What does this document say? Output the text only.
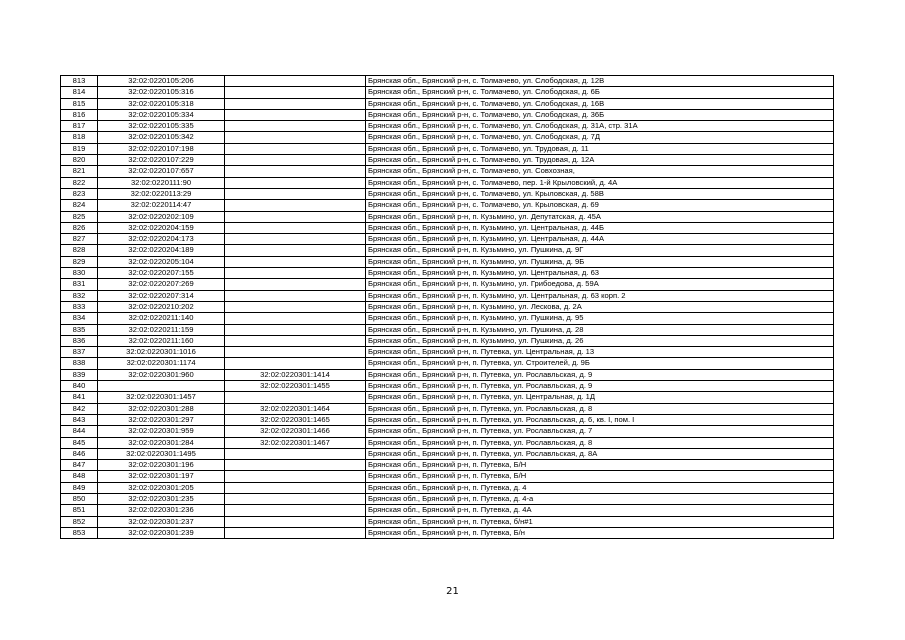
813	32:02:0220105:206		Брянская обл., Брянский р-н, с. Толмачево, ул. Слободская, д. 12В
814	32:02:0220105:316		Брянская обл., Брянский р-н, с. Толмачево, ул. Слободская, д. 6Б
815	32:02:0220105:318		Брянская обл., Брянский р-н, с. Толмачево, ул. Слободская, д. 16В
816	32:02:0220105:334		Брянская обл., Брянский р-н, с. Толмачево, ул. Слободская, д. 36Б
817	32:02:0220105:335		Брянская обл., Брянский р-н, с. Толмачево, ул. Слободская, д. 31А, стр. 31А
818	32:02:0220105:342		Брянская обл., Брянский р-н, с. Толмачево, ул. Слободская, д. 7Д
819	32:02:0220107:198		Брянская обл., Брянский р-н, с. Толмачево, ул. Трудовая, д. 11
820	32:02:0220107:229		Брянская обл., Брянский р-н, с. Толмачево, ул. Трудовая, д. 12А
821	32:02:0220107:657		Брянская обл., Брянский р-н, с. Толмачево, ул. Совхозная,
822	32:02:0220111:90		Брянская обл., Брянский р-н, с. Толмачево, пер. 1-й Крыловский, д. 4А
823	32:02:0220113:29		Брянская обл., Брянский р-н, с. Толмачево, ул. Крыловская, д. 58В
824	32:02:0220114:47		Брянская обл., Брянский р-н, с. Толмачево, ул. Крыловская, д. 69
825	32:02:0220202:109		Брянская обл., Брянский р-н, п. Кузьмино, ул. Депутатская, д. 45А
826	32:02:0220204:159		Брянская обл., Брянский р-н, п. Кузьмино, ул. Центральная, д. 44Б
827	32:02:0220204:173		Брянская обл., Брянский р-н, п. Кузьмино, ул. Центральная, д. 44А
828	32:02:0220204:189		Брянская обл., Брянский р-н, п. Кузьмино, ул. Пушкина, д. 9Г
829	32:02:0220205:104		Брянская обл., Брянский р-н, п. Кузьмино, ул. Пушкина, д. 9Б
830	32:02:0220207:155		Брянская обл., Брянский р-н, п. Кузьмино, ул. Центральная, д. 63
831	32:02:0220207:269		Брянская обл., Брянский р-н, п. Кузьмино, ул. Грибоедова, д. 59А
832	32:02:0220207:314		Брянская обл., Брянский р-н, п. Кузьмино, ул. Центральная, д. 63 корп. 2
833	32:02:0220210:202		Брянская обл., Брянский р-н, п. Кузьмино, ул. Лескова, д. 2А
834	32:02:0220211:140		Брянская обл., Брянский р-н, п. Кузьмино, ул. Пушкина, д. 95
835	32:02:0220211:159		Брянская обл., Брянский р-н, п. Кузьмино, ул. Пушкина, д. 28
836	32:02:0220211:160		Брянская обл., Брянский р-н, п. Кузьмино, ул. Пушкина, д. 26
837	32:02:0220301:1016		Брянская обл., Брянский р-н, п. Путевка, ул. Центральная, д. 13
838	32:02:0220301:1174		Брянская обл., Брянский р-н, п. Путевка, ул. Строителей, д. 9Б
839	32:02:0220301:960	32:02:0220301:1414	Брянская обл., Брянский р-н, п. Путевка, ул. Рославльская, д. 9
840		32:02:0220301:1455	Брянская обл., Брянский р-н, п. Путевка, ул. Рославльская, д. 9
841	32:02:0220301:1457		Брянская обл., Брянский р-н, п. Путевка, ул. Центральная, д. 1Д
842	32:02:0220301:288	32:02:0220301:1464	Брянская обл., Брянский р-н, п. Путевка, ул. Рославльская, д. 8
843	32:02:0220301:297	32:02:0220301:1465	Брянская обл., Брянский р-н, п. Путевка, ул. Рославльская, д. 6, кв. I, пом. I
844	32:02:0220301:959	32:02:0220301:1466	Брянская обл., Брянский р-н, п. Путевка, ул. Рославльская, д. 7
845	32:02:0220301:284	32:02:0220301:1467	Брянская обл., Брянский р-н, п. Путевка, ул. Рославльская, д. 8
846	32:02:0220301:1495		Брянская обл., Брянский р-н, п. Путевка, ул. Рославльская, д. 8А
847	32:02:0220301:196		Брянская обл., Брянский р-н, п. Путевка, Б/Н
848	32:02:0220301:197		Брянская обл., Брянский р-н, п. Путевка, Б/Н
849	32:02:0220301:205		Брянская обл., Брянский р-н, п. Путевка, д. 4
850	32:02:0220301:235		Брянская обл., Брянский р-н, п. Путевка, д. 4-а
851	32:02:0220301:236		Брянская обл., Брянский р-н, п. Путевка, д. 4А
852	32:02:0220301:237		Брянская обл., Брянский р-н, п. Путевка, б/н#1
853	32:02:0220301:239		Брянская обл., Брянский р-н, п. Путевка, Б/н
21
